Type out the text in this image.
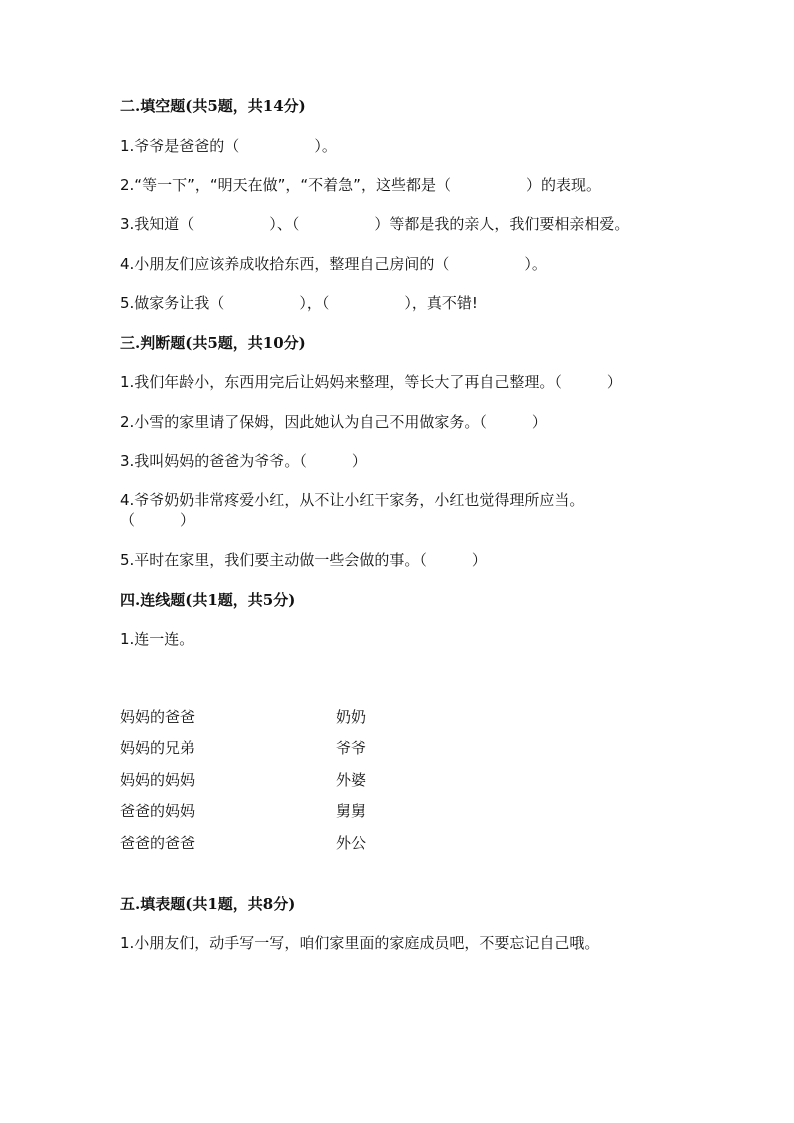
二.填空题(共5题，共14分)
1.爷爷是爸爸的（　　　　　）。
2.“等一下”，“明天在做”，“不着急”，这些都是（　　　　　）的表现。
3.我知道（　　　　　）、（　　　　　）等都是我的亲人，我们要相亲相爱。
4.小朋友们应该养成收拾东西，整理自己房间的（　　　　　）。
5.做家务让我（　　　　　），（　　　　　），真不错!
三.判断题(共5题，共10分)
1.我们年龄小，东西用完后让妈妈来整理，等长大了再自己整理。（　　　）
2.小雪的家里请了保姆，因此她认为自己不用做家务。（　　　）
3.我叫妈妈的爸爸为爷爷。（　　　）
4.爷爷奶奶非常疼爱小红，从不让小红干家务，小红也觉得理所应当。
（　　　）
5.平时在家里，我们要主动做一些会做的事。（　　　）
四.连线题(共1题，共5分)
1.连一连。
妈妈的爸爸
妈妈的兄弟
妈妈的妈妈
爸爸的妈妈
爸爸的爸爸
奶奶
爷爷
外婆
舅舅
外公
五.填表题(共1题，共8分)
1.小朋友们，动手写一写，咱们家里面的家庭成员吧，不要忘记自己哦。
